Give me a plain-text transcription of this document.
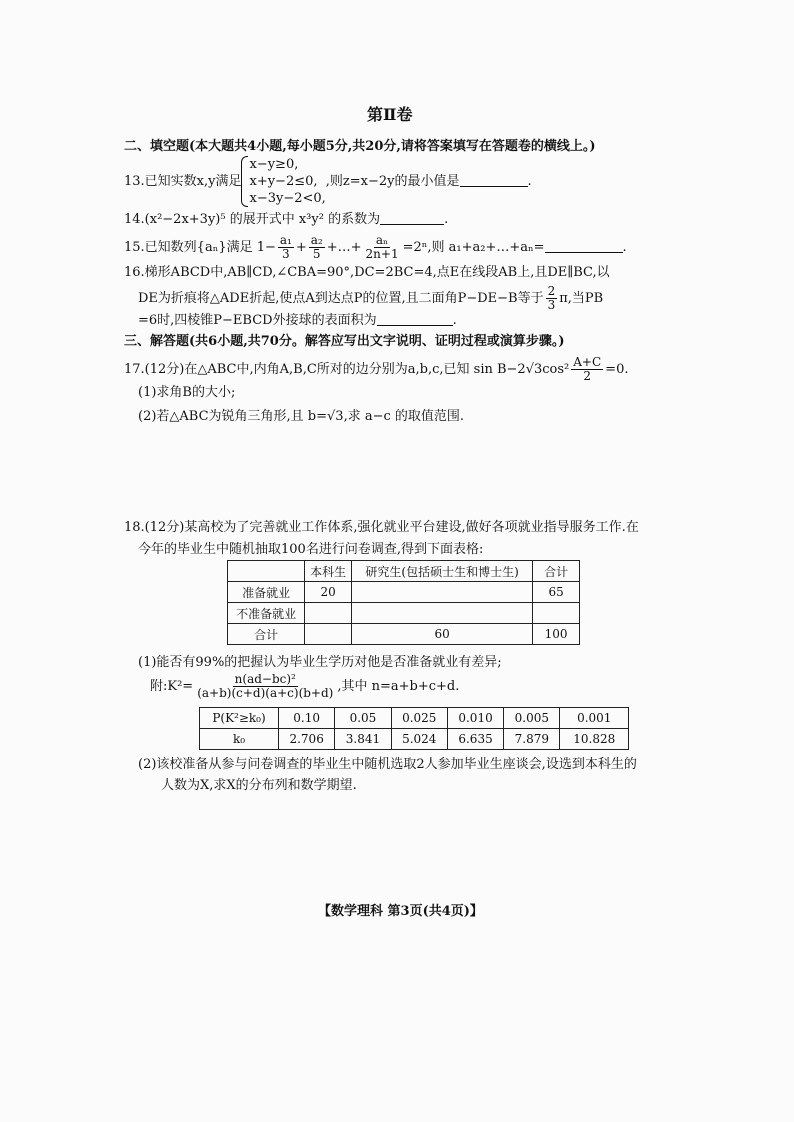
第Ⅱ卷
二、填空题(本大题共4小题,每小题5分,共20分,请将答案填写在答题卷的横线上。)
13.已知实数x,y满足
x−y≥0,
x+y−2≤0,
x−3y−2<0,
,则z=x−2y的最小值是	.
14.(x²−2x+3y)⁵ 的展开式中 x³y² 的系数为	.
15.已知数列{aₙ}满足 $1- \frac{\text{a₁}}{3} + \frac{\text{a₂}}{5}$ +…+ $\frac{\text{aₙ}}{2n+1} =2^n$,则 a₁+a₂+…+aₙ=	.
16.梯形ABCD中,AB∥CD,∠CBA=90°,DC=2BC=4,点E在线段AB上,且DE∥BC,以
DE为折痕将△ADE折起,使点A到达点P的位置,且二面角P−DE−B等于 $\frac{2}{3} \pi$,当PB
=6时,四棱锥P−EBCD外接球的表面积为	.
三、解答题(共6小题,共70分。解答应写出文字说明、证明过程或演算步骤。)
17.(12分)在△ABC中,内角A,B,C所对的边分别为a,b,c,已知 $\sin B-2√3\cos^2 \frac{A+C}{2} =0$.
(1)求角B的大小;
(2)若△ABC为锐角三角形,且 b=√3,求 a−c 的取值范围.
18.(12分)某高校为了完善就业工作体系,强化就业平台建设,做好各项就业指导服务工作.在
今年的毕业生中随机抽取100名进行问卷调查,得到下面表格:
	本科生	研究生(包括硕士生和博士生)	合计
准备就业	20		65
不准备就业			
合计		60	100
(1)能否有99%的把握认为毕业生学历对他是否准备就业有差异;
附:K²= $\frac{\text{n(ad−bc)²}}{(a+b)(c+d)(a+c)(b+d)}$ ,其中 n=a+b+c+d.
P(K²≥k₀)	0.10	0.05	0.025	0.010	0.005	0.001
k₀	2.706	3.841	5.024	6.635	7.879	10.828
(2)该校准备从参与问卷调查的毕业生中随机选取2人参加毕业生座谈会,设选到本科生的
人数为X,求X的分布列和数学期望.
【数学理科 第3页(共4页)】
